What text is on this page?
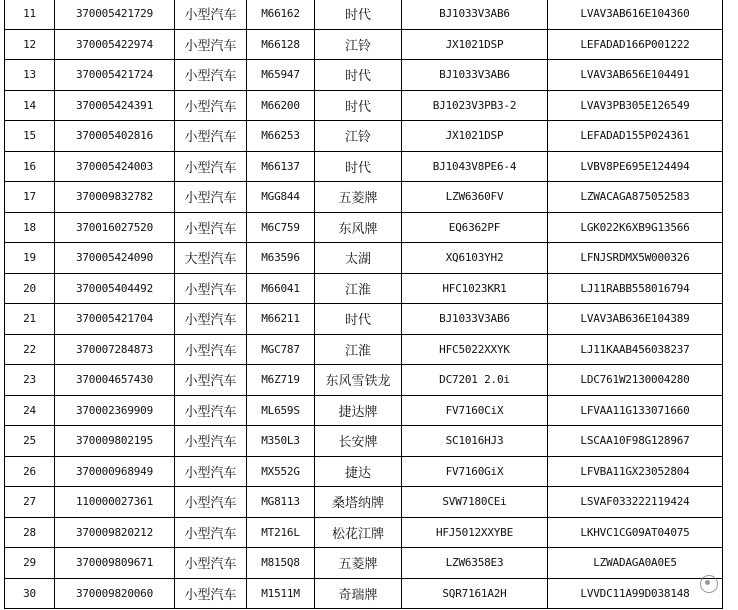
11	370005421729	小型汽车	M66162	时代	BJ1033V3AB6	LVAV3AB616E104360
12	370005422974	小型汽车	M66128	江铃	JX1021DSP	LEFADAD166P001222
13	370005421724	小型汽车	M65947	时代	BJ1033V3AB6	LVAV3AB656E104491
14	370005424391	小型汽车	M66200	时代	BJ1023V3PB3-2	LVAV3PB305E126549
15	370005402816	小型汽车	M66253	江铃	JX1021DSP	LEFADAD155P024361
16	370005424003	小型汽车	M66137	时代	BJ1043V8PE6-4	LVBV8PE695E124494
17	370009832782	小型汽车	MGG844	五菱牌	LZW6360FV	LZWACAGA875052583
18	370016027520	小型汽车	M6C759	东风牌	EQ6362PF	LGK022K6XB9G13566
19	370005424090	大型汽车	M63596	太湖	XQ6103YH2	LFNJSRDMX5W000326
20	370005404492	小型汽车	M66041	江淮	HFC1023KR1	LJ11RABB558016794
21	370005421704	小型汽车	M66211	时代	BJ1033V3AB6	LVAV3AB636E104389
22	370007284873	小型汽车	MGC787	江淮	HFC5022XXYK	LJ11KAAB456038237
23	370004657430	小型汽车	M6Z719	东风雪铁龙	DC7201 2.0i	LDC761W2130004280
24	370002369909	小型汽车	ML659S	捷达牌	FV7160CiX	LFVAA11G133071660
25	370009802195	小型汽车	M350L3	长安牌	SC1016HJ3	LSCAA10F98G128967
26	370000968949	小型汽车	MX552G	捷达	FV7160GiX	LFVBA11GX23052804
27	110000027361	小型汽车	MG8113	桑塔纳牌	SVW7180CEi	LSVAF033222119424
28	370009820212	小型汽车	MT216L	松花江牌	HFJ5012XXYBE	LKHVC1CG09AT04075
29	370009809671	小型汽车	M815Q8	五菱牌	LZW6358E3	LZWADAGA0A0E5
30	370009820060	小型汽车	M1511M	奇瑞牌	SQR7161A2H	LVVDC11A99D038148
